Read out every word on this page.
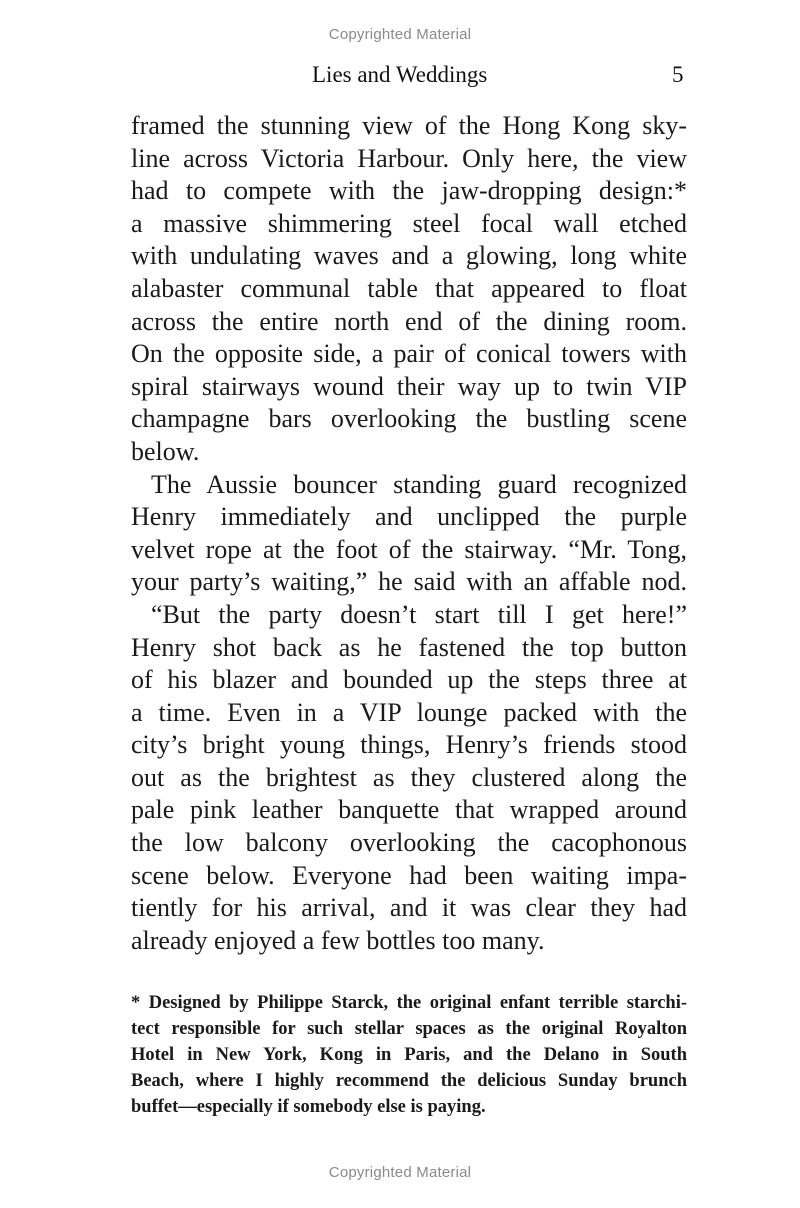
Copyrighted Material
Lies and Weddings	5
framed the stunning view of the Hong Kong sky-
line across Victoria Harbour. Only here, the view
had to compete with the jaw-dropping design:*
a massive shimmering steel focal wall etched
with undulating waves and a glowing, long white
alabaster communal table that appeared to float
across the entire north end of the dining room.
On the opposite side, a pair of conical towers with
spiral stairways wound their way up to twin VIP
champagne bars overlooking the bustling scene
below.
The Aussie bouncer standing guard recognized
Henry immediately and unclipped the purple
velvet rope at the foot of the stairway. “Mr. Tong,
your party’s waiting,” he said with an affable nod.
“But the party doesn’t start till I get here!”
Henry shot back as he fastened the top button
of his blazer and bounded up the steps three at
a time. Even in a VIP lounge packed with the
city’s bright young things, Henry’s friends stood
out as the brightest as they clustered along the
pale pink leather banquette that wrapped around
the low balcony overlooking the cacophonous
scene below. Everyone had been waiting impa-
tiently for his arrival, and it was clear they had
already enjoyed a few bottles too many.
* Designed by Philippe Starck, the original enfant terrible starchi-
tect responsible for such stellar spaces as the original Royalton
Hotel in New York, Kong in Paris, and the Delano in South
Beach, where I highly recommend the delicious Sunday brunch
buffet—especially if somebody else is paying.
Copyrighted Material
